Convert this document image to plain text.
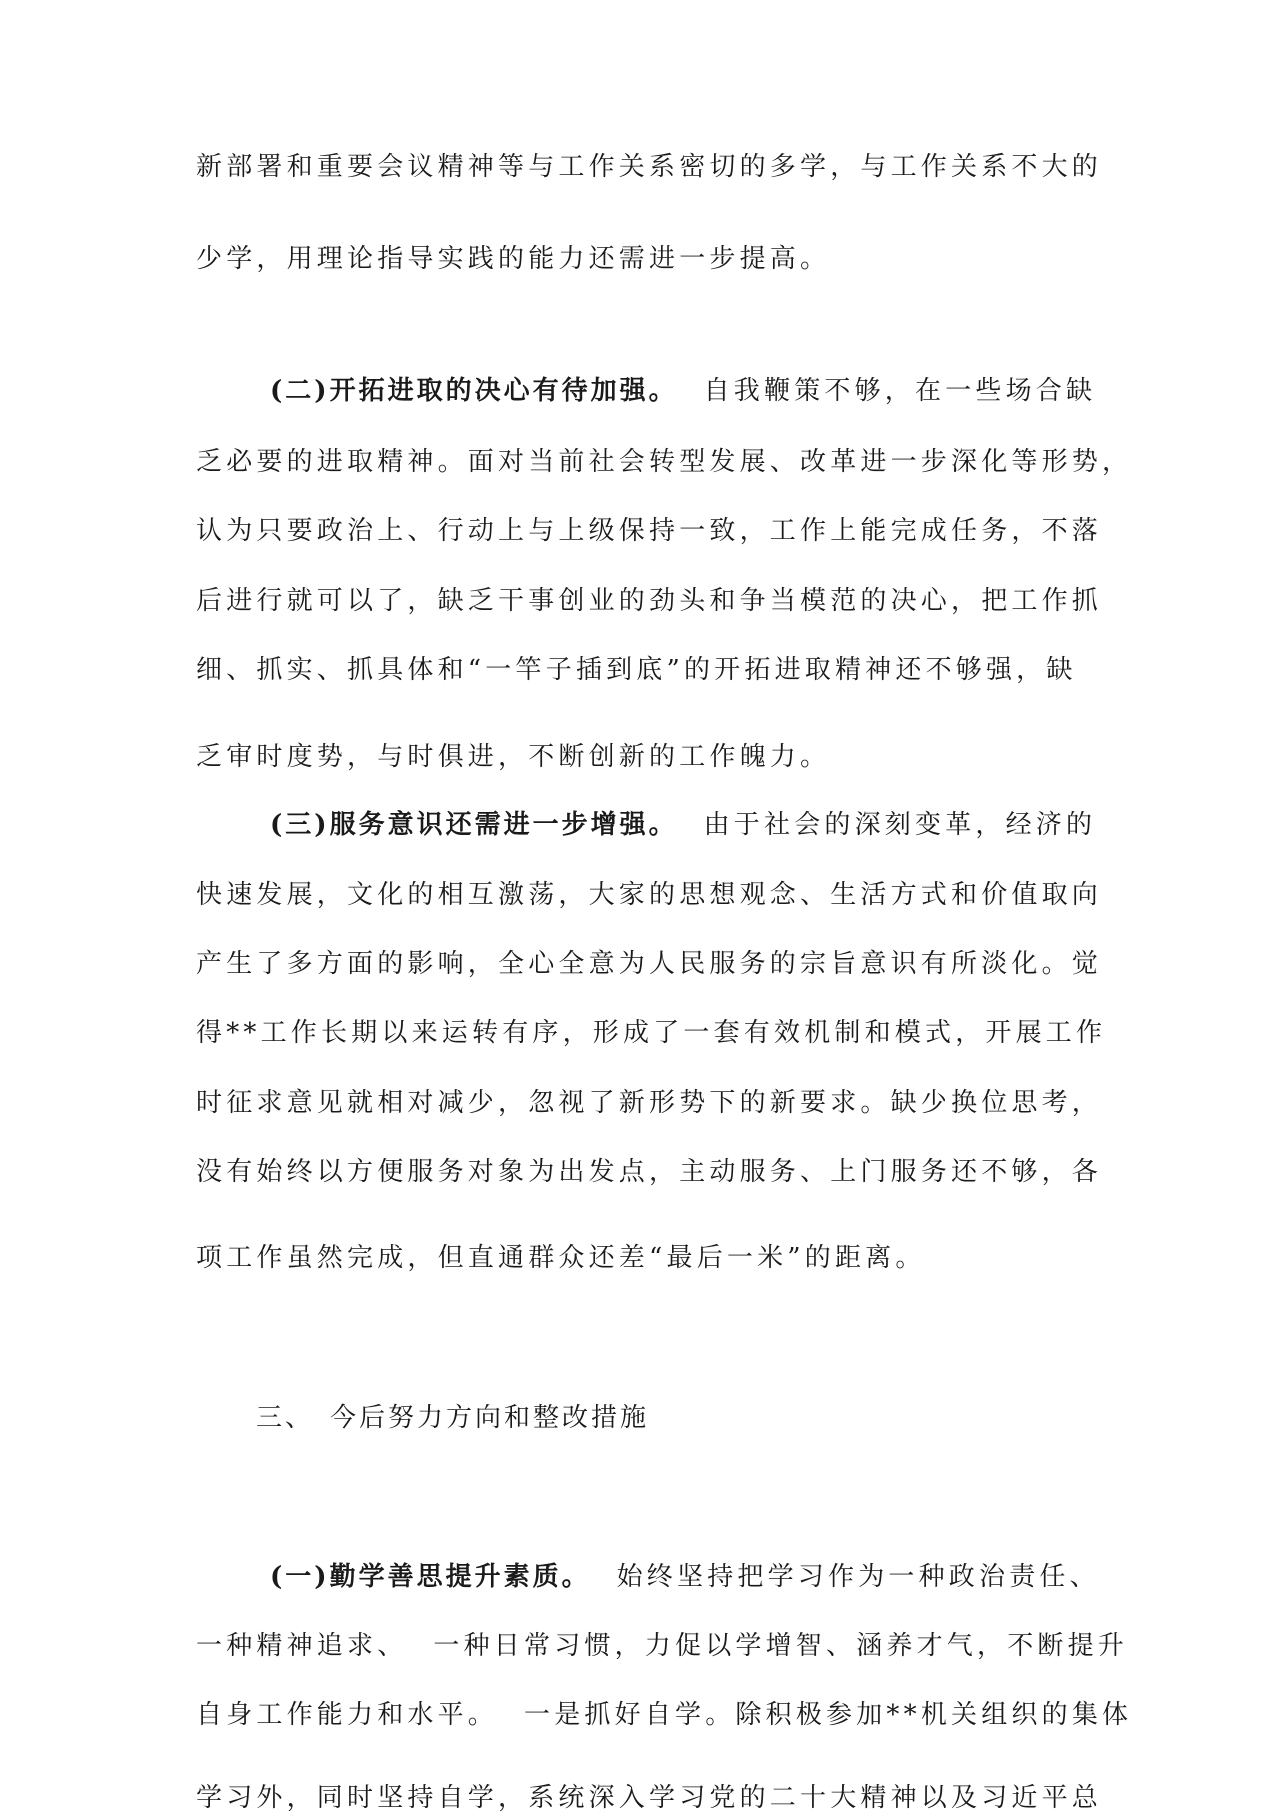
新部署和重要会议精神等与工作关系密切的多学，与工作关系不大的
少学，用理论指导实践的能力还需进一步提高。
(二)开拓进取的决心有待加强。 自我鞭策不够，在一些场合缺
乏必要的进取精神。面对当前社会转型发展、改革进一步深化等形势，
认为只要政治上、行动上与上级保持一致，工作上能完成任务，不落
后进行就可以了，缺乏干事创业的劲头和争当模范的决心，把工作抓
细、抓实、抓具体和“一竿子插到底”的开拓进取精神还不够强，缺
乏审时度势，与时俱进，不断创新的工作魄力。
(三)服务意识还需进一步增强。 由于社会的深刻变革，经济的
快速发展，文化的相互激荡，大家的思想观念、生活方式和价值取向
产生了多方面的影响，全心全意为人民服务的宗旨意识有所淡化。觉
得**工作长期以来运转有序，形成了一套有效机制和模式，开展工作
时征求意见就相对减少，忽视了新形势下的新要求。缺少换位思考，
没有始终以方便服务对象为出发点，主动服务、上门服务还不够，各
项工作虽然完成，但直通群众还差“最后一米”的距离。
三、 今后努力方向和整改措施
(一)勤学善思提升素质。 始终坚持把学习作为一种政治责任、
一种精神追求、 一种日常习惯，力促以学增智、涵养才气，不断提升
自身工作能力和水平。 一是抓好自学。除积极参加**机关组织的集体
学习外，同时坚持自学，系统深入学习党的二十大精神以及习近平总
